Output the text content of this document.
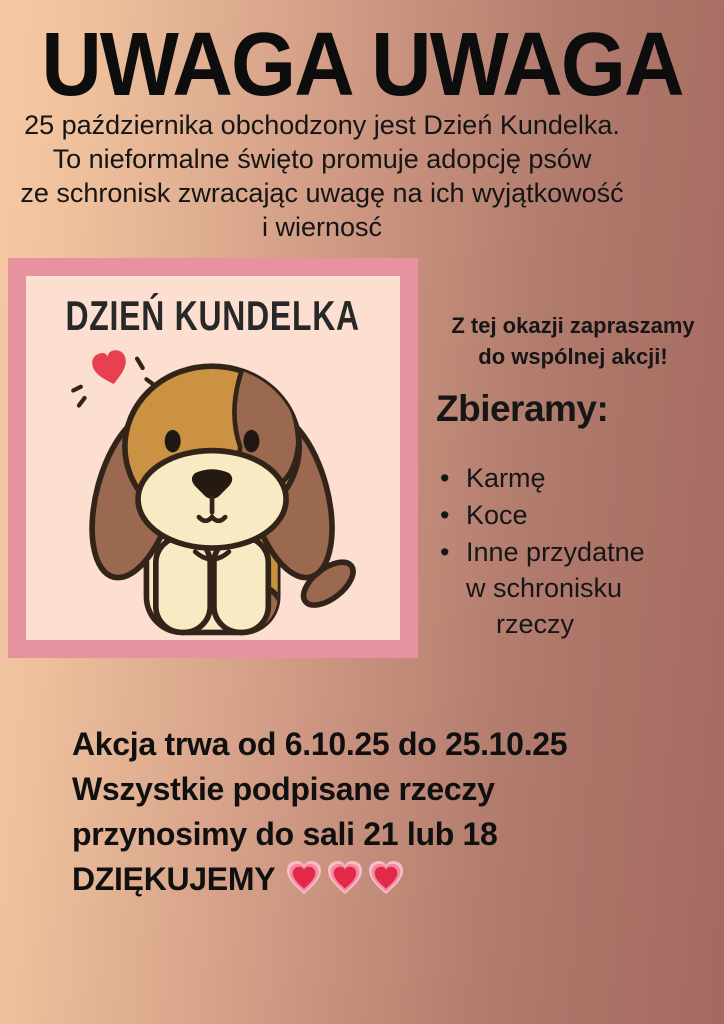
UWAGA UWAGA
25 października obchodzony jest Dzień Kundelka.
To nieformalne święto promuje adopcję psów
ze schronisk zwracając uwagę na ich wyjątkowość
i wiernosć
DZIEŃ KUNDELKA	Z tej okazji zapraszamy
do wspólnej akcji!
Zbieramy:
• Karmę
• Koce
• Inne przydatne
w schronisku
rzeczy
Akcja trwa od 6.10.25 do 25.10.25
Wszystkie podpisane rzeczy
przynosimy do sali 21 lub 18
DZIĘKUJEMY
